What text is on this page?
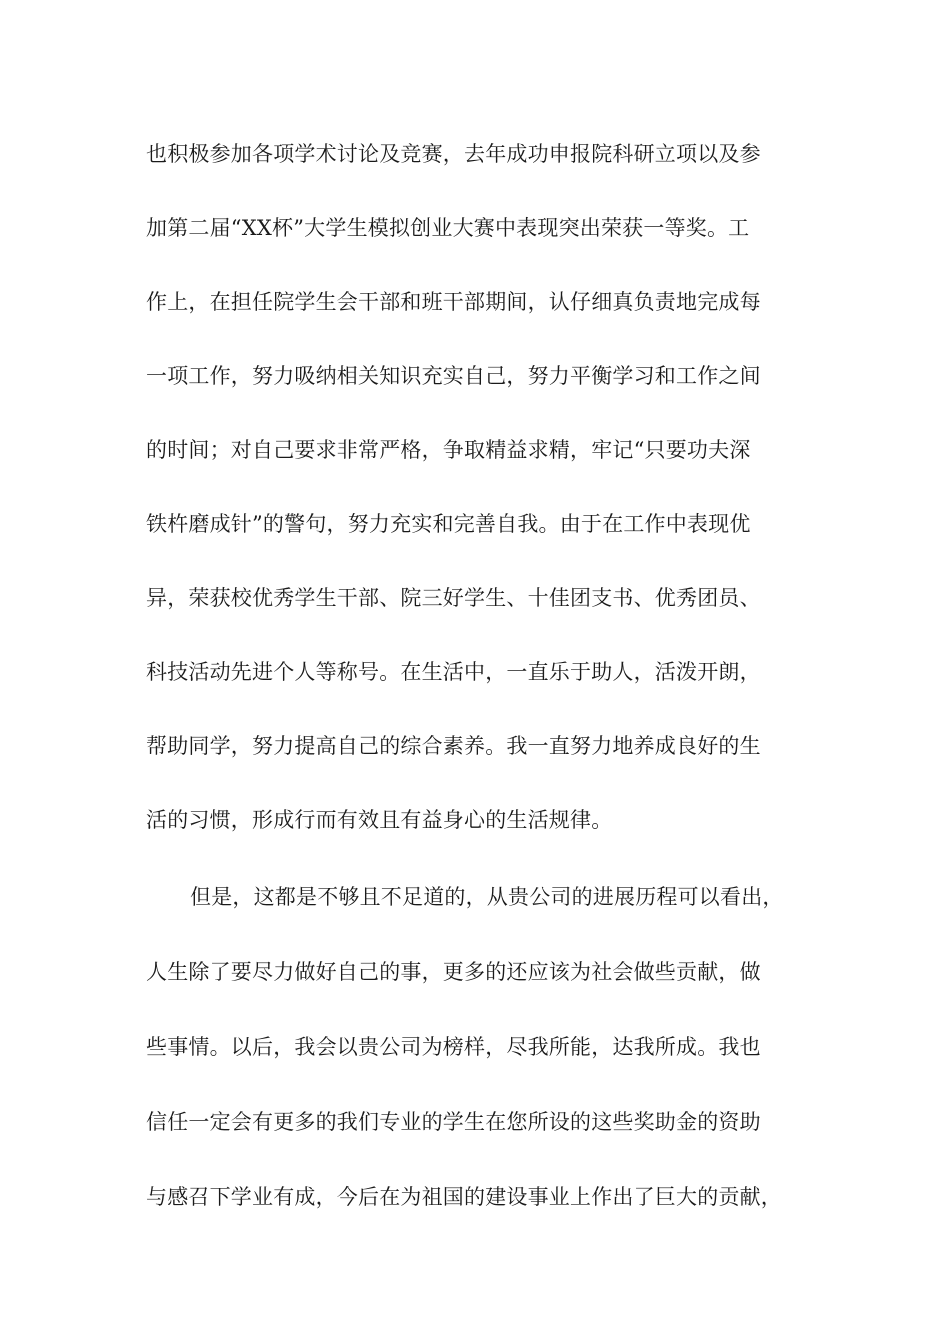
也积极参加各项学术讨论及竞赛，去年成功申报院科研立项以及参
加第二届“XX杯”大学生模拟创业大赛中表现突出荣获一等奖。工
作上，在担任院学生会干部和班干部期间，认仔细真负责地完成每
一项工作，努力吸纳相关知识充实自己，努力平衡学习和工作之间
的时间；对自己要求非常严格，争取精益求精，牢记“只要功夫深
铁杵磨成针”的警句，努力充实和完善自我。由于在工作中表现优
异，荣获校优秀学生干部、院三好学生、十佳团支书、优秀团员、
科技活动先进个人等称号。在生活中，一直乐于助人，活泼开朗，
帮助同学，努力提高自己的综合素养。我一直努力地养成良好的生
活的习惯，形成行而有效且有益身心的生活规律。
但是，这都是不够且不足道的，从贵公司的进展历程可以看出，
人生除了要尽力做好自己的事，更多的还应该为社会做些贡献，做
些事情。以后，我会以贵公司为榜样，尽我所能，达我所成。我也
信任一定会有更多的我们专业的学生在您所设的这些奖助金的资助
与感召下学业有成，今后在为祖国的建设事业上作出了巨大的贡献，
